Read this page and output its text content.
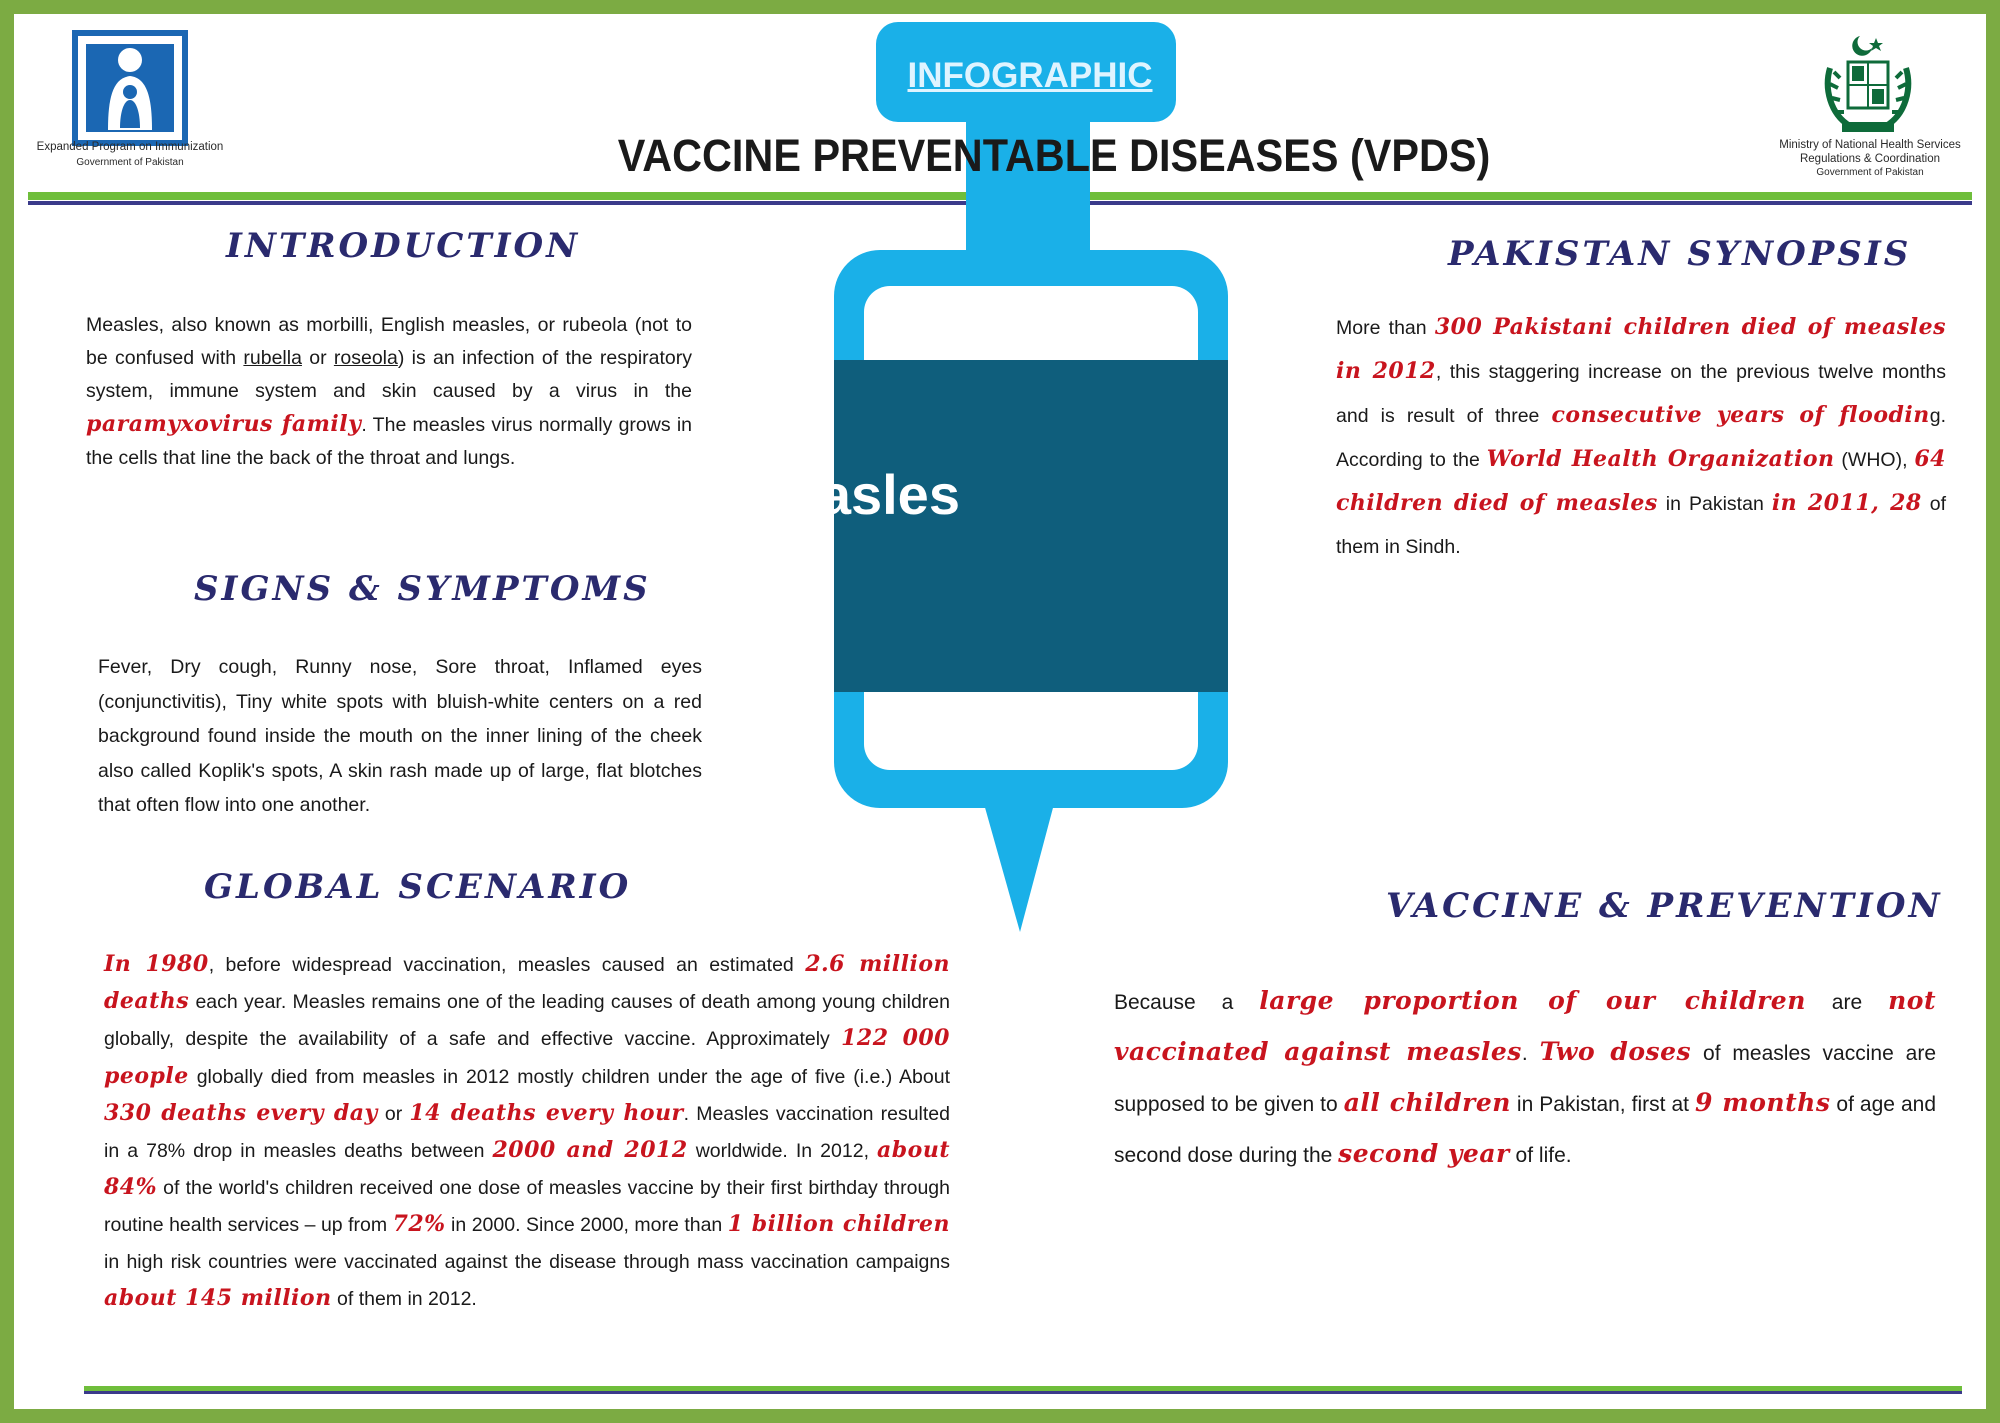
Expanded Program on Immunization
Government of Pakistan
Ministry of National Health Services
Regulations & Coordination
Government of Pakistan
Measles
INFOGRAPHIC
VACCINE PREVENTABLE DISEASES (VPDS)
INTRODUCTION
Measles, also known as morbilli, English measles, or rubeola (not to be confused with rubella or roseola) is an infection of the respiratory system, immune system and skin caused by a virus in the paramyxovirus family. The measles virus normally grows in the cells that line the back of the throat and lungs.
SIGNS & SYMPTOMS
Fever, Dry cough, Runny nose, Sore throat, Inflamed eyes (conjunctivitis), Tiny white spots with bluish-white centers on a red background found inside the mouth on the inner lining of the cheek also called Koplik's spots, A skin rash made up of large, flat blotches that often flow into one another.
GLOBAL SCENARIO
In 1980, before widespread vaccination, measles caused an estimated 2.6 million deaths each year. Measles remains one of the leading causes of death among young children globally, despite the availability of a safe and effective vaccine. Approximately 122 000 people globally died from measles in 2012 mostly children under the age of five (i.e.) About 330 deaths every day or 14 deaths every hour. Measles vaccination resulted in a 78% drop in measles deaths between 2000 and 2012 worldwide. In 2012, about 84% of the world's children received one dose of measles vaccine by their first birthday through routine health services – up from 72% in 2000. Since 2000, more than 1 billion children in high risk countries were vaccinated against the disease through mass vaccination campaigns about 145 million of them in 2012.
PAKISTAN SYNOPSIS
More than 300 Pakistani children died of measles in 2012, this staggering increase on the previous twelve months and is result of three consecutive years of flooding. According to the World Health Organization (WHO), 64 children died of measles in Pakistan in 2011, 28 of them in Sindh.
VACCINE & PREVENTION
Because a large proportion of our children are not vaccinated against measles. Two doses of measles vaccine are supposed to be given to all children in Pakistan, first at 9 months of age and second dose during the second year of life.
